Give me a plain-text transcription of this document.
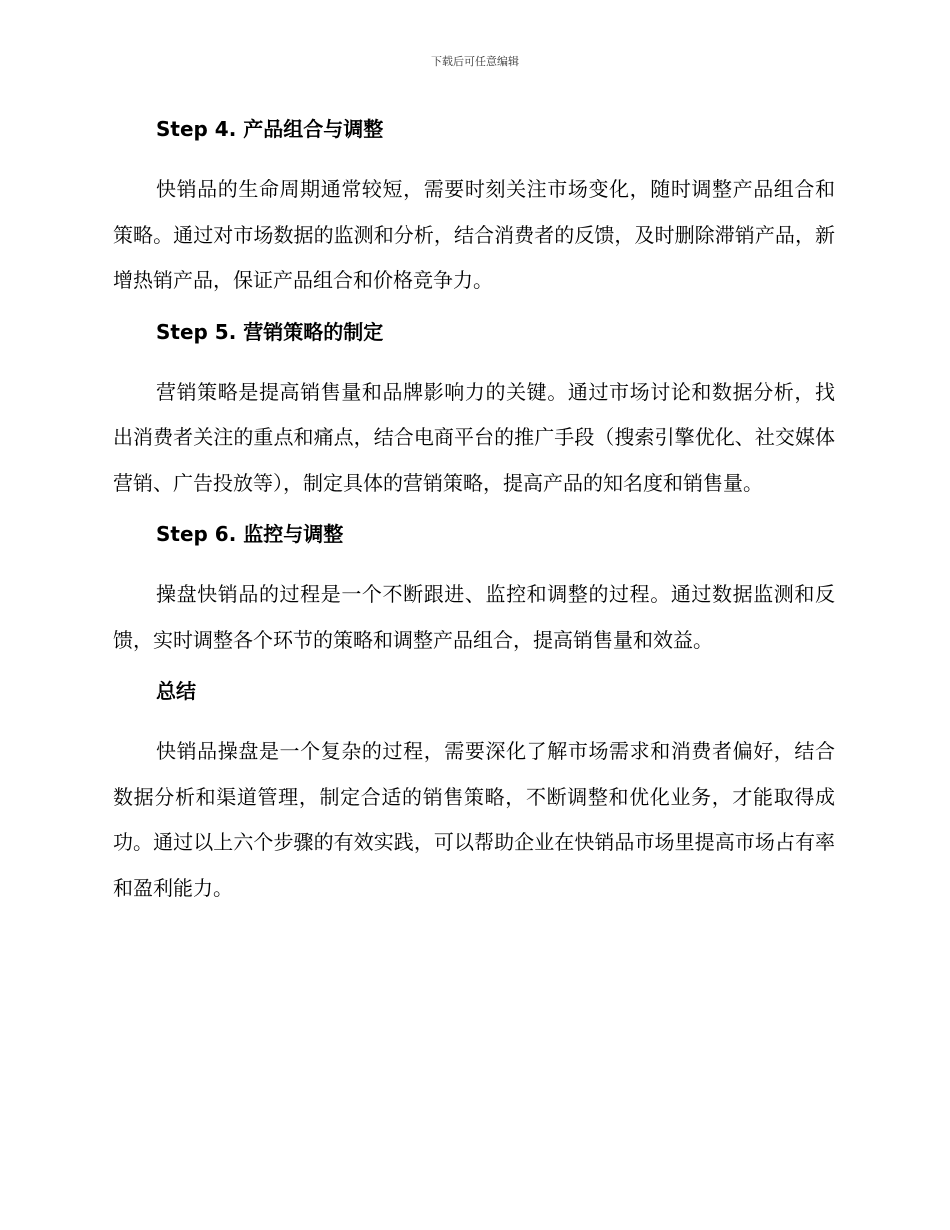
下载后可任意编辑
Step 4. 产品组合与调整

快销品的生命周期通常较短，需要时刻关注市场变化，随时调整产品组合和策略。通过对市场数据的监测和分析，结合消费者的反馈，及时删除滞销产品，新增热销产品，保证产品组合和价格竞争力。

Step 5. 营销策略的制定

营销策略是提高销售量和品牌影响力的关键。通过市场讨论和数据分析，找出消费者关注的重点和痛点，结合电商平台的推广手段（搜索引擎优化、社交媒体营销、广告投放等），制定具体的营销策略，提高产品的知名度和销售量。

Step 6. 监控与调整

操盘快销品的过程是一个不断跟进、监控和调整的过程。通过数据监测和反馈，实时调整各个环节的策略和调整产品组合，提高销售量和效益。

总结

快销品操盘是一个复杂的过程，需要深化了解市场需求和消费者偏好，结合数据分析和渠道管理，制定合适的销售策略，不断调整和优化业务，才能取得成功。通过以上六个步骤的有效实践，可以帮助企业在快销品市场里提高市场占有率和盈利能力。
